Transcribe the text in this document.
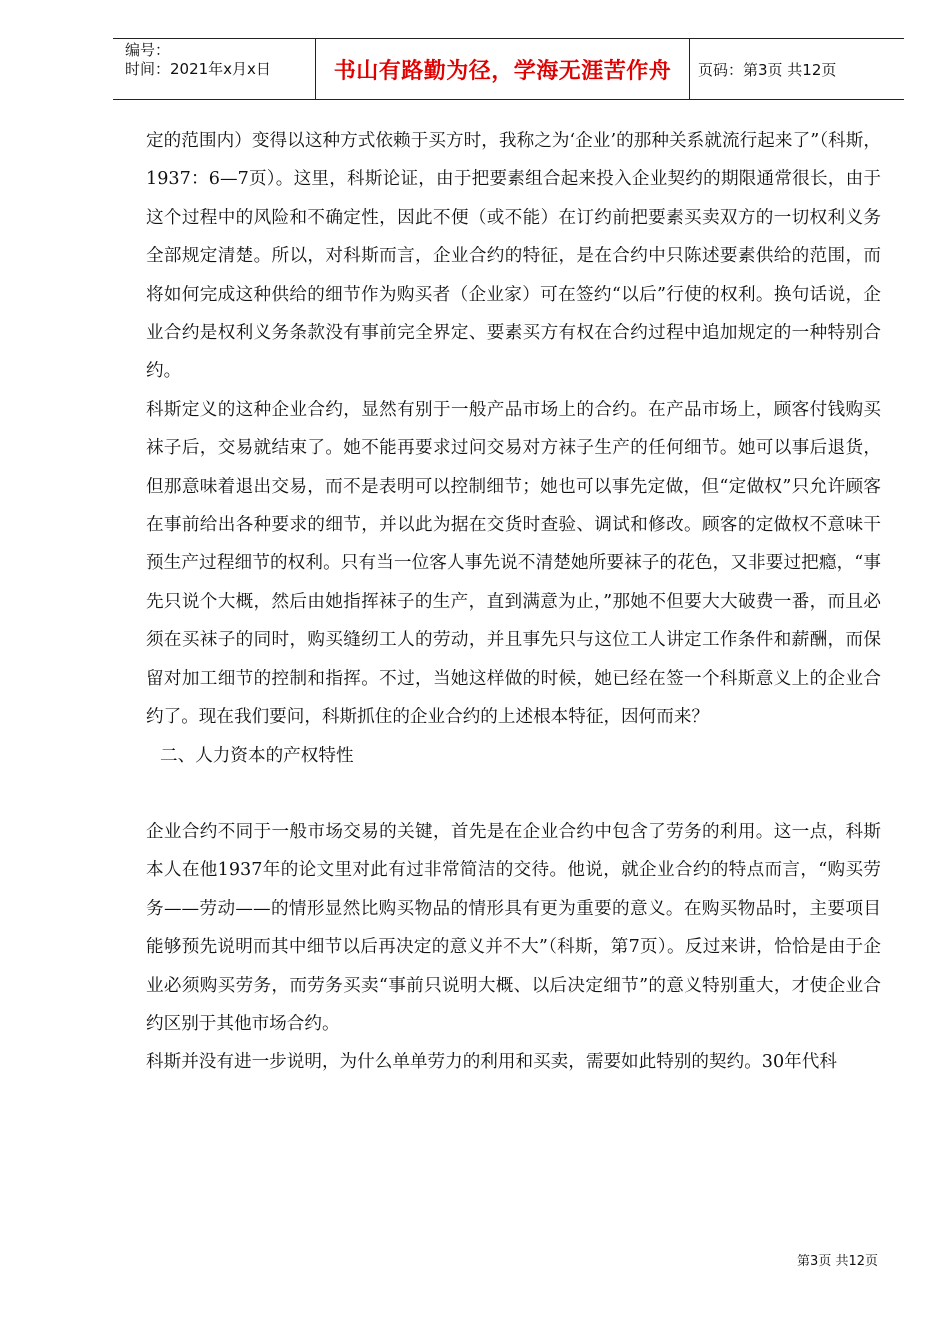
编号：
时间：2021年x月x日	书山有路勤为径，学海无涯苦作舟 页码：第3页 共12页

定的范围内）变得以这种方式依赖于买方时，我称之为‘企业’的那种关系就流行起来了”（科斯，1937：6—7页）。这里，科斯论证，由于把要素组合起来投入企业契约的期限通常很长，由于这个过程中的风险和不确定性，因此不便（或不能）在订约前把要素买卖双方的一切权利义务全部规定清楚。所以，对科斯而言，企业合约的特征，是在合约中只陈述要素供给的范围，而将如何完成这种供给的细节作为购买者（企业家）可在签约“以后”行使的权利。换句话说，企业合约是权利义务条款没有事前完全界定、要素买方有权在合约过程中追加规定的一种特别合约。

科斯定义的这种企业合约，显然有别于一般产品市场上的合约。在产品市场上，顾客付钱购买袜子后，交易就结束了。她不能再要求过问交易对方袜子生产的任何细节。她可以事后退货，但那意味着退出交易，而不是表明可以控制细节；她也可以事先定做，但“定做权”只允许顾客在事前给出各种要求的细节，并以此为据在交货时查验、调试和修改。顾客的定做权不意味干预生产过程细节的权利。只有当一位客人事先说不清楚她所要袜子的花色，又非要过把瘾，“事先只说个大概，然后由她指挥袜子的生产，直到满意为止，”那她不但要大大破费一番，而且必须在买袜子的同时，购买缝纫工人的劳动，并且事先只与这位工人讲定工作条件和薪酬，而保留对加工细节的控制和指挥。不过，当她这样做的时候，她已经在签一个科斯意义上的企业合约了。现在我们要问，科斯抓住的企业合约的上述根本特征，因何而来？

二、人力资本的产权特性

企业合约不同于一般市场交易的关键，首先是在企业合约中包含了劳务的利用。这一点，科斯本人在他1937年的论文里对此有过非常简洁的交待。他说，就企业合约的特点而言，“购买劳务——劳动——的情形显然比购买物品的情形具有更为重要的意义。在购买物品时，主要项目能够预先说明而其中细节以后再决定的意义并不大”（科斯，第7页）。反过来讲，恰恰是由于企业必须购买劳务，而劳务买卖“事前只说明大概、以后决定细节”的意义特别重大，才使企业合约区别于其他市场合约。

科斯并没有进一步说明，为什么单单劳力的利用和买卖，需要如此特别的契约。30年代科

第3页 共12页
